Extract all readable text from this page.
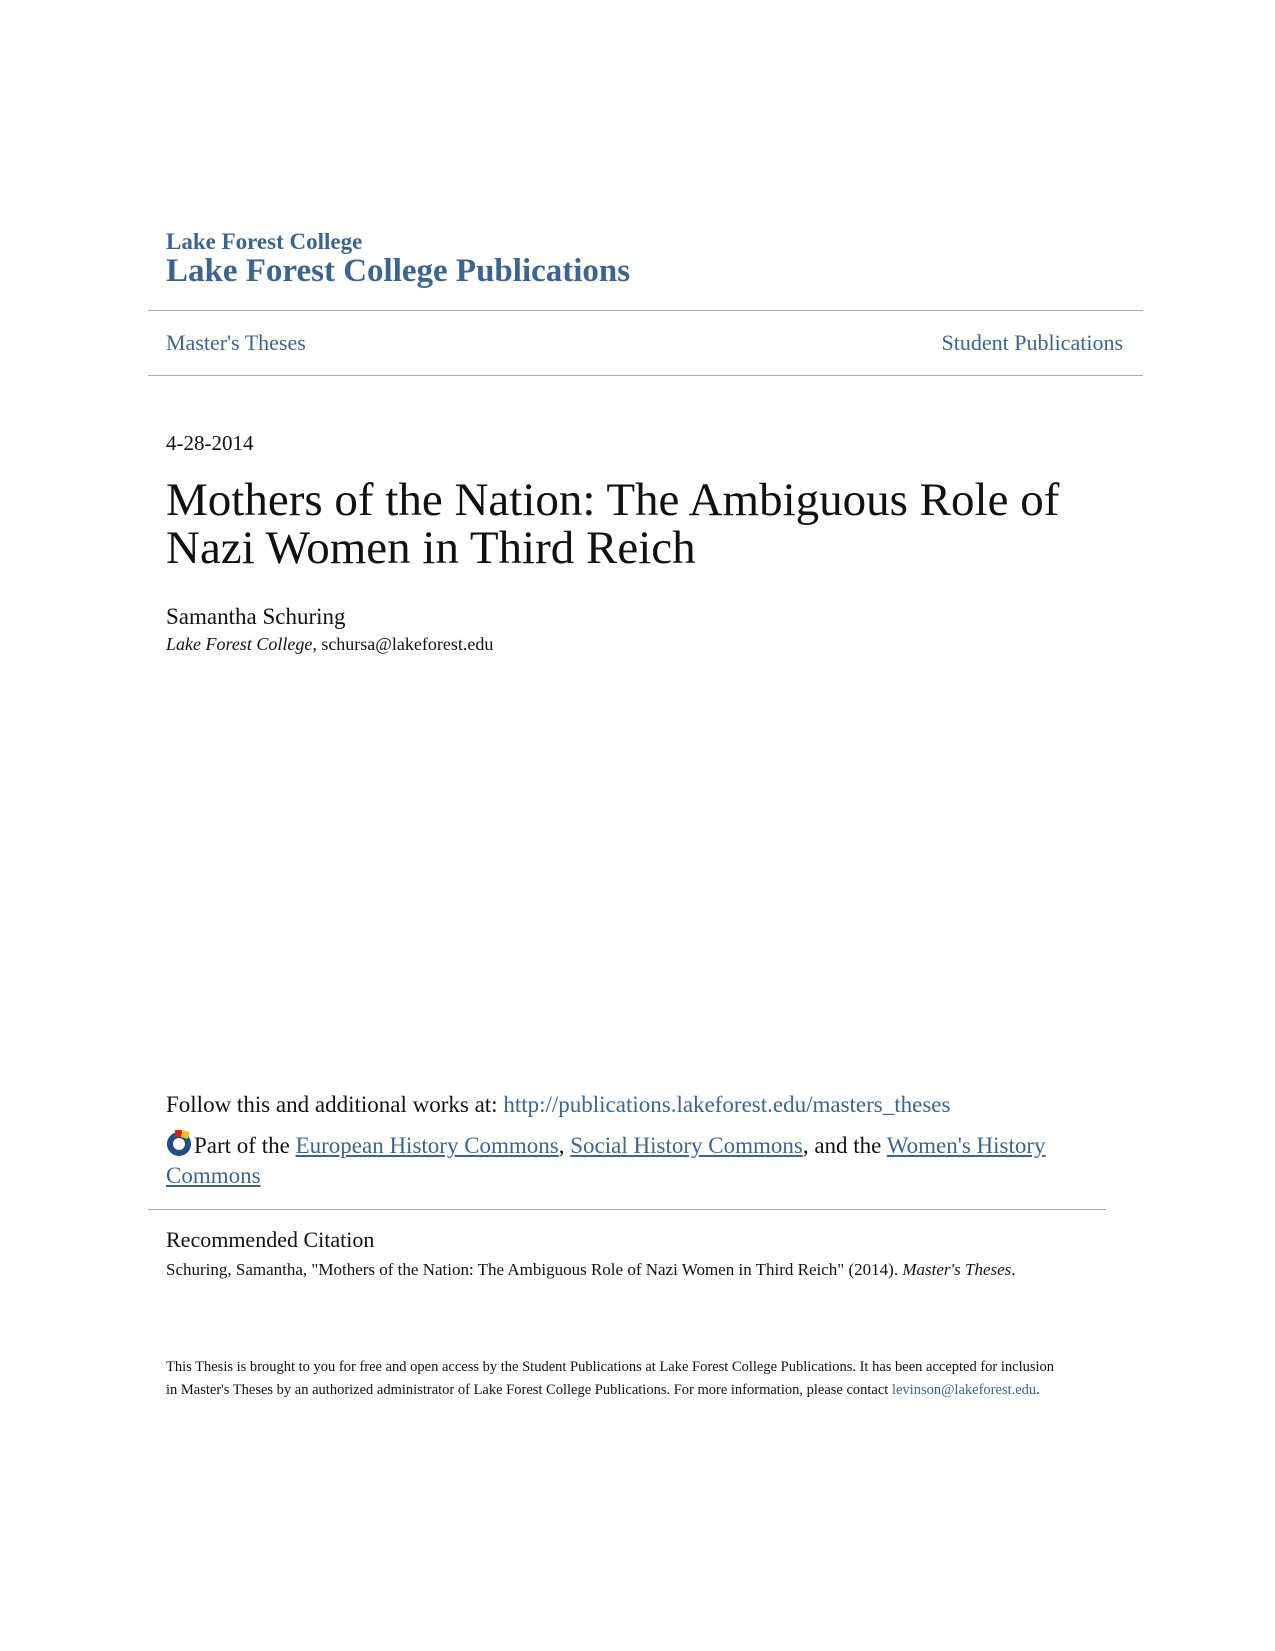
Lake Forest College
Lake Forest College Publications
Master's Theses	Student Publications
4-28-2014
Mothers of the Nation: The Ambiguous Role of Nazi Women in Third Reich
Samantha Schuring
Lake Forest College, schursa@lakeforest.edu
Follow this and additional works at: http://publications.lakeforest.edu/masters_theses
Part of the European History Commons, Social History Commons, and the Women's History Commons
Recommended Citation
Schuring, Samantha, "Mothers of the Nation: The Ambiguous Role of Nazi Women in Third Reich" (2014). Master's Theses.
This Thesis is brought to you for free and open access by the Student Publications at Lake Forest College Publications. It has been accepted for inclusion in Master's Theses by an authorized administrator of Lake Forest College Publications. For more information, please contact levinson@lakeforest.edu.
